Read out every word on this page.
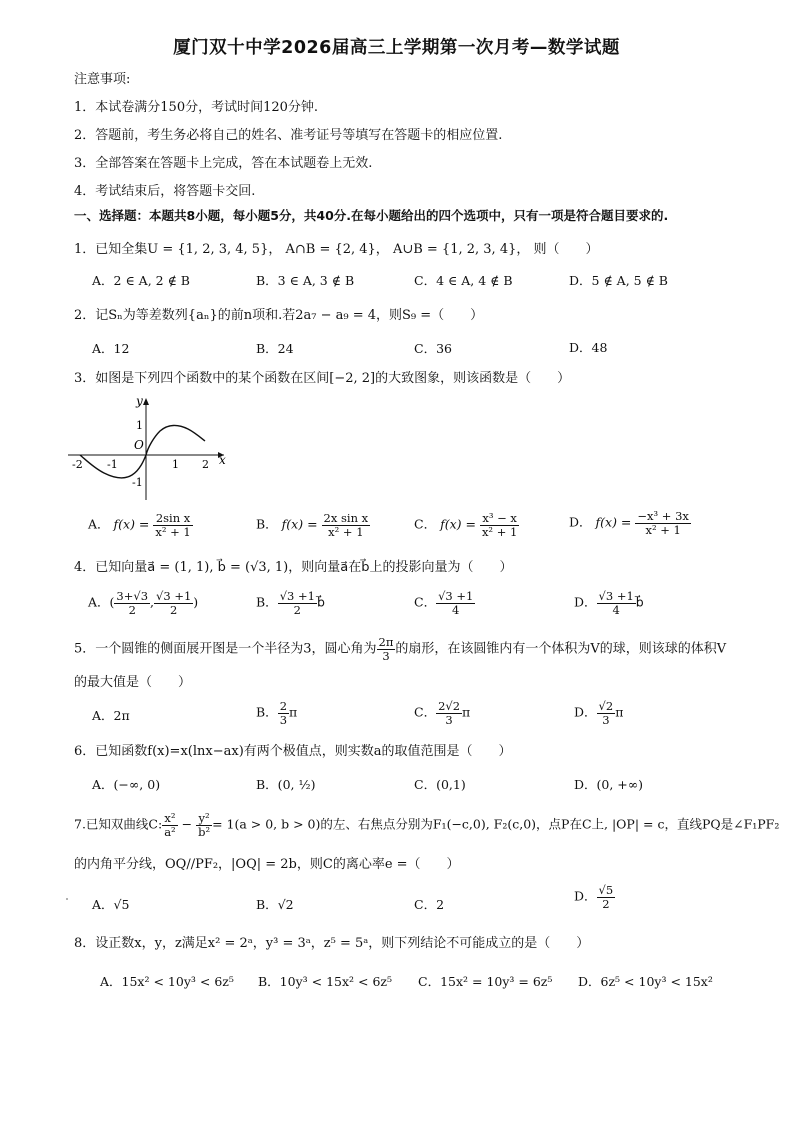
厦门双十中学2026届高三上学期第一次月考—数学试题
注意事项:
1．本试卷满分150分，考试时间120分钟.
2．答题前，考生务必将自己的姓名、准考证号等填写在答题卡的相应位置.
3．全部答案在答题卡上完成，答在本试题卷上无效.
4．考试结束后，将答题卡交回.
一、选择题：本题共8小题，每小题5分，共40分.在每小题给出的四个选项中，只有一项是符合题目要求的.
1．已知全集U = {1, 2, 3, 4, 5}， A∩B = {2, 4}， A∪B = {1, 2, 3, 4}， 则（　　）
A．2 ∈ A, 2 ∉ B	B．3 ∈ A, 3 ∉ B	C．4 ∈ A, 4 ∉ B	D．5 ∉ A, 5 ∉ B
2．记Sₙ为等差数列{aₙ}的前n项和.若2a₇ − a₉ = 4，则S₉ =（　　）
A．12	B．24	C．36	D．48
3．如图是下列四个函数中的某个函数在区间[−2, 2]的大致图象，则该函数是（　　）
y
x
O
-2 -1	1 2
1
-1
A． $f(x) = \frac{\text{2sin x}}{\text{x² + 1}}$	B． $f(x) = \frac{\text{2x sin x}}{\text{x² + 1}}$	C． $f(x) = \frac{\text{x³ − x}}{\text{x² + 1}}$	D． $f(x) = \frac{\text{−x³ + 3x}}{\text{x² + 1}}$
4．已知向量a⃗ = (1, 1), b⃗ = (√3, 1)，则向量a⃗在b⃗上的投影向量为（　　）
A．( $\frac{3+√3}{2}$ , $\frac{√3 +1}{2}$ )	B． $\frac{√3 +1}{2}$ b⃗	C． $\frac{√3 +1}{4}$	D． $\frac{√3 +1}{4}$ b⃗
5．一个圆锥的侧面展开图是一个半径为3，圆心角为 $\frac{2\pi}{3}$ 的扇形，在该圆锥内有一个体积为V的球，则该球的体积V
的最大值是（　　）
A．2π	B． $\frac{2}{3}$ π	C． $\frac{2√2}{3}$ π	D． $\frac{√2}{3}$ π
6．已知函数f(x)=x(lnx−ax)有两个极值点，则实数a的取值范围是（　　）
A．(−∞, 0)	B．(0, ½)	C．(0,1)	D．(0, +∞)
7.已知双曲线C: $\frac{\text{x²}}{\text{a²}} - \frac{\text{y²}}{\text{b²}} = 1(a > 0$, b > 0)的左、右焦点分别为F₁(−c,0), F₂(c,0)，点P在C上, |OP| = c，直线PQ是∠F₁PF₂
的内角平分线，OQ//PF₂，|OQ| = 2b，则C的离心率e =（　　）
A．√5	B．√2	C．2
D． $\frac{√5}{2}$
8．设正数x，y，z满足x² = 2ᵃ，y³ = 3ᵃ，z⁵ = 5ᵃ，则下列结论不可能成立的是（　　）
A．15x² < 10y³ < 6z⁵ B．10y³ < 15x² < 6z⁵ C．15x² = 10y³ = 6z⁵ D．6z⁵ < 10y³ < 15x²
